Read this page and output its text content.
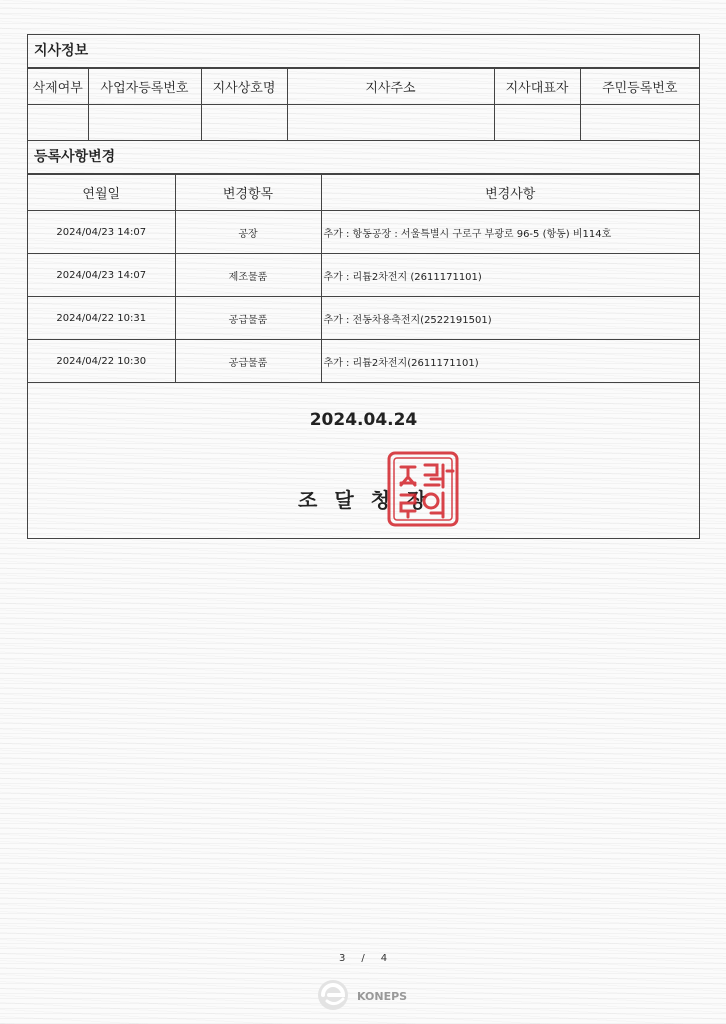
지사정보
삭제여부	사업자등록번호	지사상호명	지사주소	지사대표자	주민등록번호

등록사항변경
연월일	변경항목	변경사항
2024/04/23 14:07	공장	추가 : 항동공장 : 서울특별시 구로구 부광로 96-5 (항동) 비114호
2024/04/23 14:07	제조물품	추가 : 리튬2차전지 (2611171101)
2024/04/22 10:31	공급물품	추가 : 전동차용축전지(2522191501)
2024/04/22 10:30	공급물품	추가 : 리튬2차전지(2611171101)
2024.04.24
조달청장
3 / 4
KONEPS
